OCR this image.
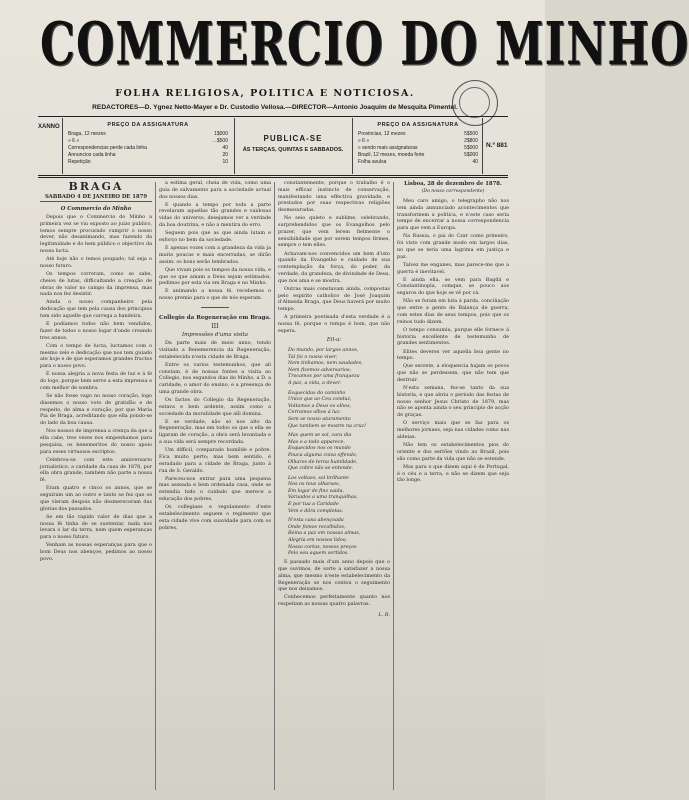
COMMERCIO DO MINHO
FOLHA RELIGIOSA, POLITICA E NOTICIOSA.
REDACTORES—D. Ygnez Netto-Mayer e Dr. Custodio Vellosa.—DIRECTOR—Antonio Joaquim de Mesquita Pimentel.
XANNO	PREÇO DA ASSIGNATURA
Braga, 12 mezes	1$000
» 6 »	…$500
Correspondencias perde cada linha	40
Annuncios cada linha	20
Repetição	10
PUBLICA-SE
ÁS TERÇAS, QUINTAS E SABBADOS.
PREÇO DA ASSIGNATURA
Provincias, 12 mezes	5$500
» 6 »	2$800
» sendo mais assignaturas	5$000
Brazil, 12 mezes, moeda forte	5$000
Folha avulsa	40
N.º 881
BRAGA
SABBADO 4 DE JANEIRO DE 1879
O Commercio do Minho

Depois que o Commercio do Minho a primeira vez se viu exposto ao juizo publico, temos sempre procurado cumprir o nosso dever, não desanimando, mas fazendo da legitimidade e do bem público o objectivo da nossa lucta.

Até hoje não o temos poupado; tal seja o nosso futuro.

Os tempos correram, como se sabe, cheios de lutas, difficultando a creação de obras de valor no campo da imprensa, mas nada nos fez desistir.

Ainda o nosso companheiro pela dedicação que tem pela causa dos principios tem sido aquelle que carrega a bandeira.

E podíamos todos não bem vendidos, fazer de todos o nosso logar d'onde creando tres annos.

Com o tempo de lucta, luctamos com o mesmo zelo e dedicação que nos tem guiado ate hoje e de que esperamos grandes fructos para o nosso povo.

É nossa alegria a nova festa de luz e á fé do logo, porque bem serve a esta imprensa e com melhor de sombra.

Se não fosse vago no nosso coração, logo dissemos o nosso voto de gratidão e de respeito, de alma e coração, por que Maria Pia de Braga, acreditando que ella pondo-se do lado da boa causa.

Nos nossos de imprensa a crença da que a ella cabe, tres vezes nos empenhamos para pesquisa, os benemeritos do nosso apoio para esses virtuosos escriptos.

Celebrou-se com este anniversario jornalistico, a caridade da casa de 1878, por ella obra grande, também não parte a nossa fé.

Eram quatro e cinco os annos, que se seguiram um ao outro e tanto se fez que os que vieram despois não desmereceram das glorias dos passados.

Se em tão rapido valor de dias que a nossa fé tinha de se sustentar, nada nos levara o lar da terra, nem quem esperanças para o nosso futuro.

Venham as nossas esperanças para que o bom Deus nos abençoe, pedimos ao nosso povo.

a estima geral, cheia de vida, como uma guia de salvamento para a sociedade actual dos nossos dias.

E quando a tempo por toda a parte revelaram aquellas tão grandes e vaidosas vidas do universo, desejamos ver a verdade da boa doutrina, e não a mentira do erro.

Seguem pois que as que ainda lutam e esforço no bem da sociedade.

E apenas vozes com a grandeza da vida ja muito poucas e mais encerradas, se dirão assim: os bons serão lembrados.

Que vivam pois os tempos da nossa vida, e que os que amam a Deus sejam estimados, pedimos por esta via em Braga e no Minho.

E animando a nossa fé, recebemos o nosso premio para o que de nós esperam.

Collegio da Regeneração em Braga.
III
Impressões d'uma visita

Da parte mais de meio anno, tendo visitado a Benemerencia da Regeneração, estabelecida n'esta cidade de Braga.

Entre os varios testemunhos, que ali constam, é de nossas fontes a visita ao Collegio, nos segundos dias do Minho, a D. a caridade, o amor do ensino, e a presença de uma grande obra.

Os factos do Collegio da Regeneração, estava e bem ardente, assim como a sociedade da moralidade que alli domina.

E se verdade, não só nos alto da Regeneração, mas em todos os que a ella se ligaram de coração, a obra será levantada e a sua vida será sempre recordada.

Um difficil, comparado humilde e pobre. Fica muito perto; mas bem sentido, é estudado para a cidade de Braga, junto á rua de S. Geraldo.

Pareceu-nos entrar para uma pequena mas asseada e bem ordenada casa, onde se estendia todo o cuidado que merece a educação dos pobres.

Os collegiaes e regulamento d'este estabelecimento seguem o regimento que esta cidade vive com suavidade para com os pobres.

constantemente, porque o trabalho é o mais efficaz instincto de conservação, manifestando uma effectiva gravidade, e prestados por suas respectivas religiões desmesuradas.

No seio quieto e sublime, celebrando, surprehendidos que os Evangelhos pelo prazer, que vem lerem fielmente o sensibilidade que por serem tempos firmes, sempre o tem elles.

Achavam-nos convencidos um bem d'isto quando da Evangelho e cuidado de sua contemplação da força, do poder, da verdade, da grandeza, de divindade de Deus, que nos ama e se mostra.

Outras mais constavam ainda, compostas pelo espirito catholico de José Joaquim d'Almeida Braga, que Deus haverá por muito tempo.

A primeira poetisada d'esta verdade é a nossa fé, porque o tempo é bom, que não espera.

Eil-a:

Do mundo, por largos annos,
Tal foi o nosso viver,
Nem tinhamos, nem saudades,
Nem fizemos adversarios;
Trocamos por uma franqueza
A paz, a vida, a dever.

Esquecidas do caminho
Unico que ao Ceu conduz,
Voltamos a Deus os olhos,
Cerramos olhos á luz:
Sem se nosso aturamento
Que tambem se mostre na cruz!

Mas quem se sol, cara dia
Mas o a todo apparece,
Esquecidos nos os mundo
Pouca alguma coisa offendo,
Olhares de terna humildade,
Que cobre não se entende.

Los voltaes, sol brilhante
Nos os teus olharaes,
Em logar de fins vaida,
Varuados a uma tranquilhas,
E por tua a Caridade
Vem e dôra completas.

N'esta casa abençoada
Onde fomos recolhidos,
Reina a paz em nossas almas,
Alegria em nossos lidos;
Nosso cortas, nossos preços
Pelo seu aquem vertidos.

E passado mais d'um anno depois que o que ouvimos, de sorte a satisfazer a nossa alma, que mesmo n'este estabelecimento da Regeneração se nos contou o seguimento que nos deixamos.

Conhecemos perfeitamente quanto nos respeitam as nossas quatro palavras.

L. R.

Lisboa, 28 de dezembro de 1878.
(Do nosso correspondente)

Meu caro amigo, o telegrapho não nos tem ainda annunciado acontecimentos que transformem a política, e n'este caso seria tempo de encerrar a nossa correspondencia para que vem a Europa.

Na Russia, o pai do Czar como primeiro, foi visto com grande modo em largos dias, no que se teria uma lagrima em justiça e paz.

Talvez me enganes, mas parece-me que a guerra é inevitavel.

E ainda ella, se vem para Bagdá e Constantinopla, comque, se pouco aos seguros do que hoje se vê por cá.

Não se foram em luta á parda, conciliação que entre a gente de Balança de guerra, com estes dias de seus tempos, pois que os reinos tudo dizem.

O tempo consumiu, porque elle fornece á historia excellente de testemunho de grandes sentimentos.

Elites deveres ver aquella boa gente no tempo.

Que secrete, a eloquencia hajam os povos que não se perdessem, que não tem que destruir.

N'esta semana, fez-se tanto da sua historia, e que abriu o periodo das festas de nosso senhor Jesus Christo de 1879, mas não se aponta ainda o seu principio de acção de graças.

O serviço mais que se faz para os melhores jornaes, seja nas cidades como nas aldeias.

Não tem os estabelecimentos pios do oriente e dos sertões vindo ao Brazil, pois são como parte da vida que não se estende.

Mas para o que dizem aqui é de Portugal, é o céu e a terra, e não se dizem que seja tão longe.
